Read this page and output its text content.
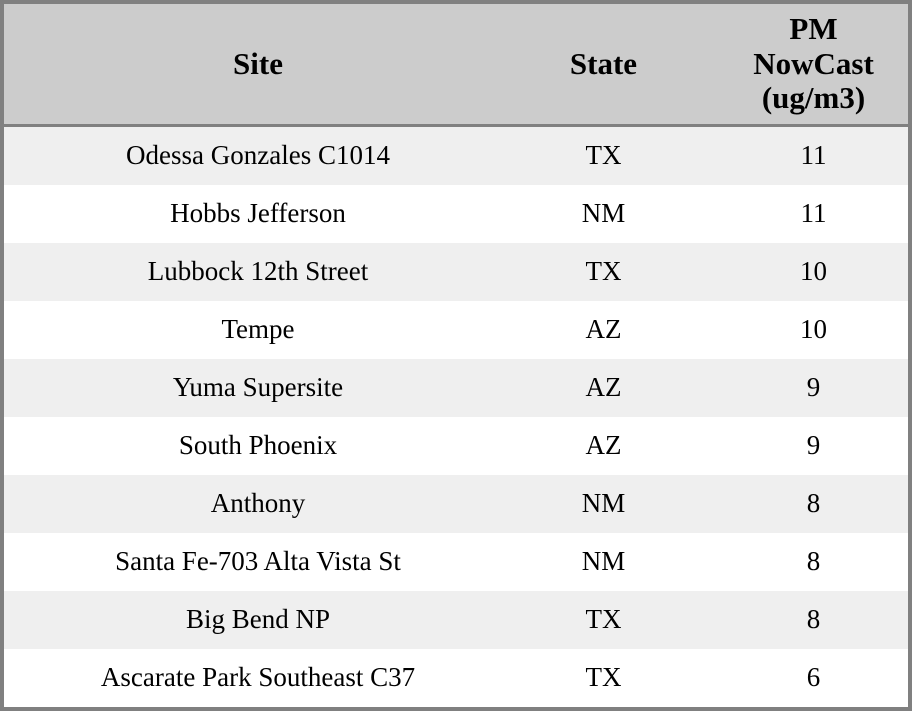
Site	State	PM
NowCast
(ug/m3)

Odessa Gonzales C1014	TX	11
Hobbs Jefferson	NM	11
Lubbock 12th Street	TX	10
Tempe	AZ	10
Yuma Supersite	AZ	9
South Phoenix	AZ	9
Anthony	NM	8
Santa Fe-703 Alta Vista St	NM	8
Big Bend NP	TX	8
Ascarate Park Southeast C37	TX	6
